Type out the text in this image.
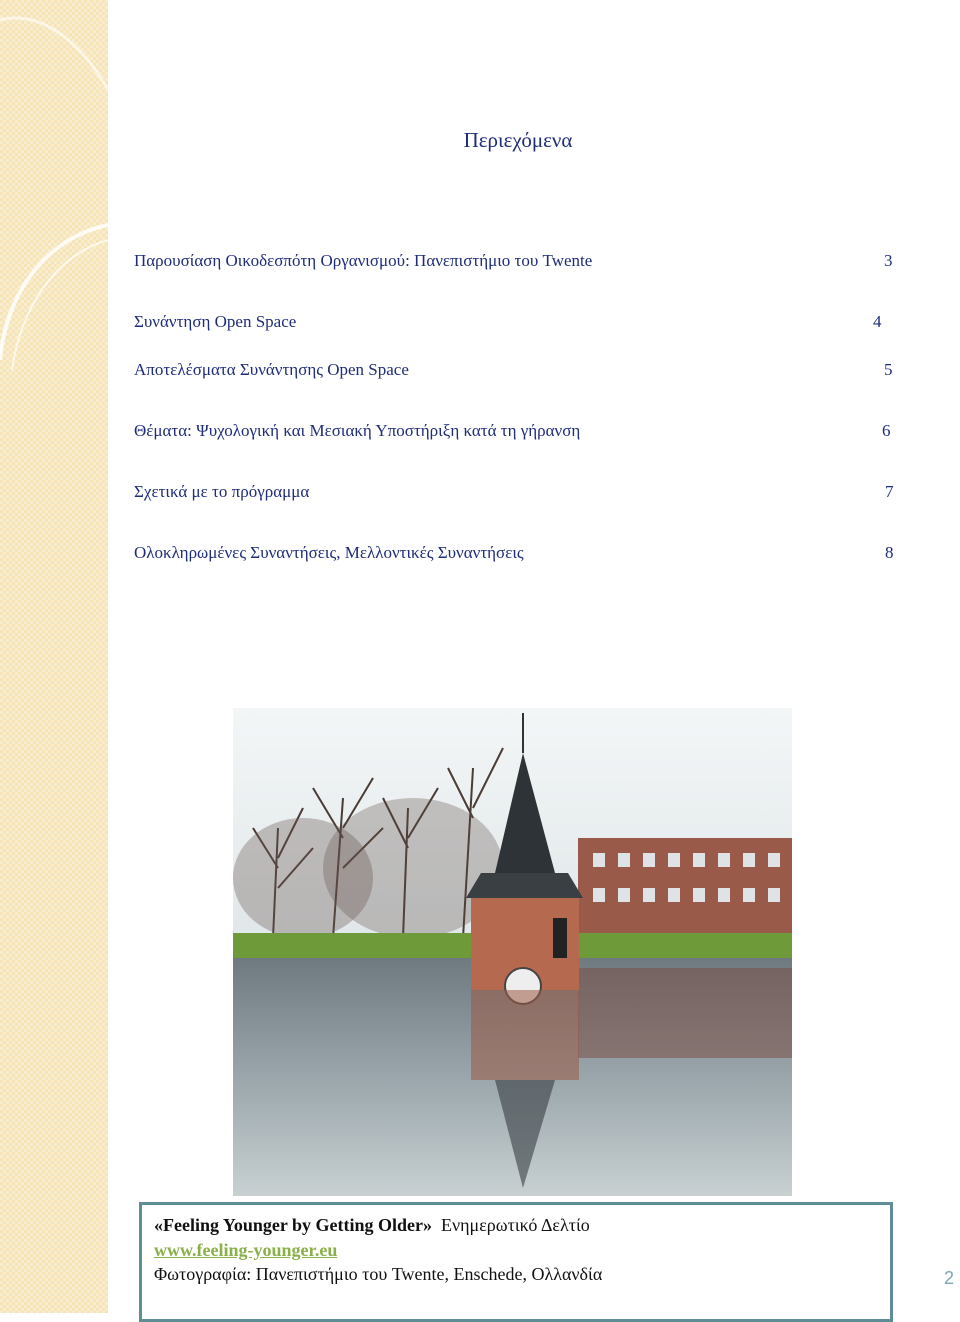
Περιεχόμενα
Παρουσίαση Οικοδεσπότη Οργανισμού: Πανεπιστήμιο του Twente	3
Συνάντηση Open Space	4
Αποτελέσματα Συνάντησης Open Space	5
Θέματα: Ψυχολογική και Μεσιακή Υποστήριξη κατά τη γήρανση	6
Σχετικά με το πρόγραμμα	7
Ολοκληρωμένες Συναντήσεις, Μελλοντικές Συναντήσεις	8
«Feeling Younger by Getting Older» Ενημερωτικό Δελτίο
www.feeling-younger.eu
Φωτογραφία: Πανεπιστήμιο του Twente, Enschede, Ολλανδία	2
